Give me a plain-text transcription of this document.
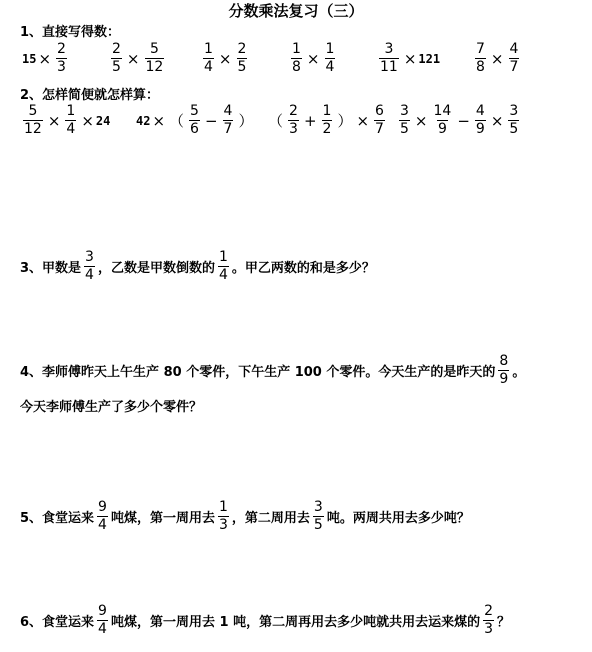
分数乘法复习（三）
1、直接写得数：
$15 \times \frac{2}{3}$	$\frac{2}{5} \times \frac{5}{12}$	$\frac{1}{4} \times \frac{2}{5}$	$\frac{1}{8} \times \frac{1}{4}$	$\frac{3}{11} \times 121 \frac{7}{8} \times \frac{4}{7}$
2、怎样简便就怎样算：
$\frac{5}{12} \times \frac{1}{4} \times 24$ 42 × （ $\frac{5}{6} - \frac{4}{7}$ ） （ $\frac{2}{3} + \frac{1}{2}$ ） × $\frac{6}{7} \frac{3}{5} \times \frac{14}{9} - \frac{4}{9} \times \frac{3}{5}$
3、甲数是 $\frac{3}{4}$ ，乙数是甲数倒数的 $\frac{1}{4}$ 。甲乙两数的和是多少？
4、李师傅昨天上午生产 80 个零件，下午生产 100 个零件。今天生产的是昨天的 $\frac{8}{9}$ 。
今天李师傅生产了多少个零件？
5、食堂运来 $\frac{9}{4}$ 吨煤，第一周用去 $\frac{1}{3}$ ，第二周用去 $\frac{3}{5}$ 吨。两周共用去多少吨？
6、食堂运来 $\frac{9}{4}$ 吨煤，第一周用去 1 吨，第二周再用去多少吨就共用去运来煤的 $\frac{2}{3}$ ？
